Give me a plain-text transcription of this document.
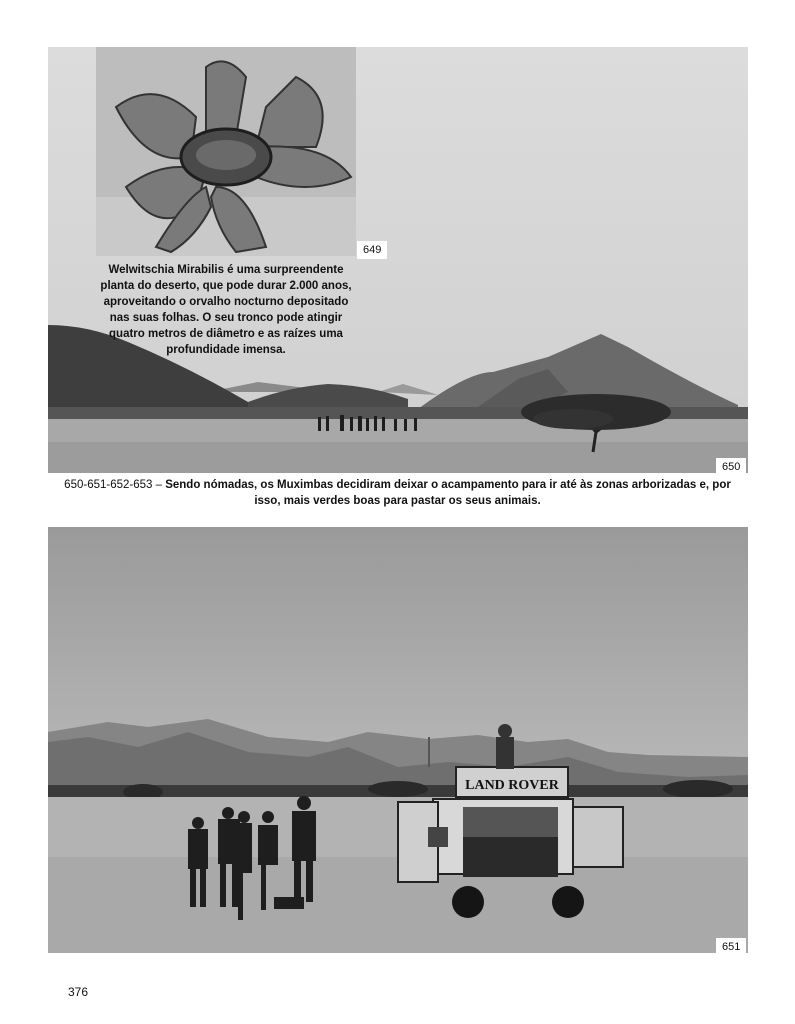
649
650
Welwitschia Mirabilis é uma surpreendente planta do deserto, que pode durar 2.000 anos, aproveitando o orvalho nocturno depositado nas suas folhas. O seu tronco pode atingir quatro metros de diâmetro e as raízes uma profundidade imensa.
650-651-652-653 – Sendo nómadas, os Muximbas decidiram deixar o acampamento para ir até às zonas arborizadas e, por isso, mais verdes boas para pastar os seus animais.
LAND ROVER
651
376
